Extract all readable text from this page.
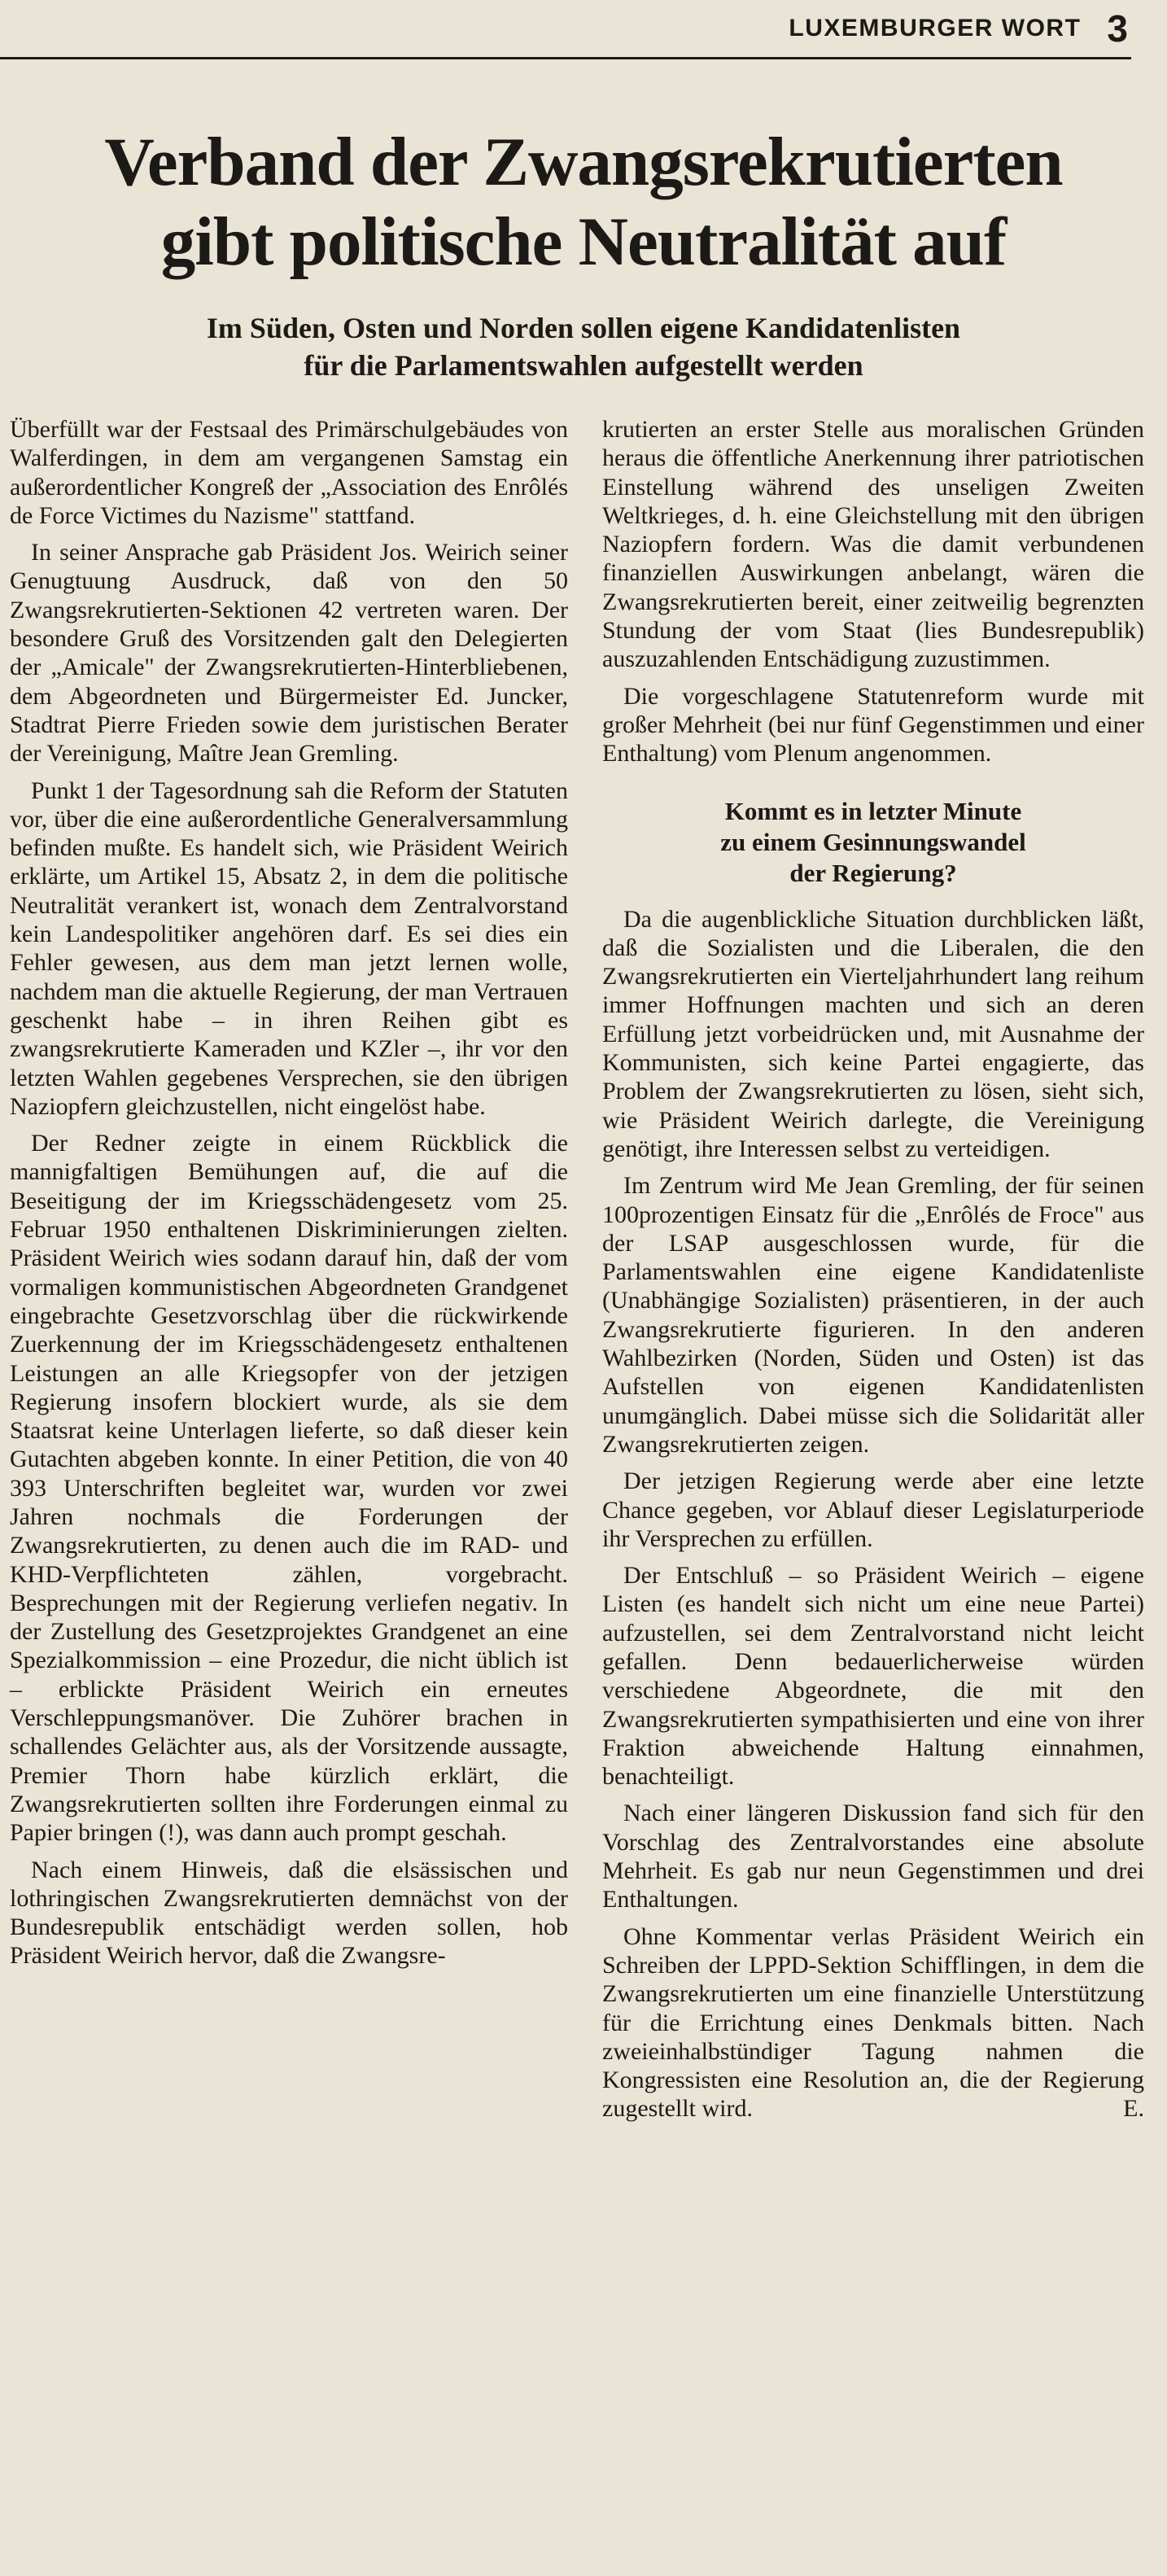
LUXEMBURGER WORT 3
Verband der Zwangsrekrutierten
gibt politische Neutralität auf
Im Süden, Osten und Norden sollen eigene Kandidatenlisten
für die Parlamentswahlen aufgestellt werden

Überfüllt war der Festsaal des Primärschulgebäudes von Walferdingen, in dem am vergangenen Samstag ein außerordentlicher Kongreß der „Association des Enrôlés de Force Victimes du Nazisme" stattfand.

In seiner Ansprache gab Präsident Jos. Weirich seiner Genugtuung Ausdruck, daß von den 50 Zwangsrekrutierten-Sektionen 42 vertreten waren. Der besondere Gruß des Vorsitzenden galt den Delegierten der „Amicale" der Zwangsrekrutierten-Hinterbliebenen, dem Abgeordneten und Bürgermeister Ed. Juncker, Stadtrat Pierre Frieden sowie dem juristischen Berater der Vereinigung, Maître Jean Gremling.

Punkt 1 der Tagesordnung sah die Reform der Statuten vor, über die eine außerordentliche Generalversammlung befinden mußte. Es handelt sich, wie Präsident Weirich erklärte, um Artikel 15, Absatz 2, in dem die politische Neutralität verankert ist, wonach dem Zentralvorstand kein Landespolitiker angehören darf. Es sei dies ein Fehler gewesen, aus dem man jetzt lernen wolle, nachdem man die aktuelle Regierung, der man Vertrauen geschenkt habe – in ihren Reihen gibt es zwangsrekrutierte Kameraden und KZler –, ihr vor den letzten Wahlen gegebenes Versprechen, sie den übrigen Naziopfern gleichzustellen, nicht eingelöst habe.

Der Redner zeigte in einem Rückblick die mannigfaltigen Bemühungen auf, die auf die Beseitigung der im Kriegsschädengesetz vom 25. Februar 1950 enthaltenen Diskriminierungen zielten. Präsident Weirich wies sodann darauf hin, daß der vom vormaligen kommunistischen Abgeordneten Grandgenet eingebrachte Gesetzvorschlag über die rückwirkende Zuerkennung der im Kriegsschädengesetz enthaltenen Leistungen an alle Kriegsopfer von der jetzigen Regierung insofern blockiert wurde, als sie dem Staatsrat keine Unterlagen lieferte, so daß dieser kein Gutachten abgeben konnte. In einer Petition, die von 40 393 Unterschriften begleitet war, wurden vor zwei Jahren nochmals die Forderungen der Zwangsrekrutierten, zu denen auch die im RAD- und KHD-Verpflichteten zählen, vorgebracht. Besprechungen mit der Regierung verliefen negativ. In der Zustellung des Gesetzprojektes Grandgenet an eine Spezialkommission – eine Prozedur, die nicht üblich ist – erblickte Präsident Weirich ein erneutes Verschleppungsmanöver. Die Zuhörer brachen in schallendes Gelächter aus, als der Vorsitzende aussagte, Premier Thorn habe kürzlich erklärt, die Zwangsrekrutierten sollten ihre Forderungen einmal zu Papier bringen (!), was dann auch prompt geschah.

Nach einem Hinweis, daß die elsässischen und lothringischen Zwangsrekrutierten demnächst von der Bundesrepublik entschädigt werden sollen, hob Präsident Weirich hervor, daß die Zwangsre-

krutierten an erster Stelle aus moralischen Gründen heraus die öffentliche Anerkennung ihrer patriotischen Einstellung während des unseligen Zweiten Weltkrieges, d. h. eine Gleichstellung mit den übrigen Naziopfern fordern. Was die damit verbundenen finanziellen Auswirkungen anbelangt, wären die Zwangsrekrutierten bereit, einer zeitweilig begrenzten Stundung der vom Staat (lies Bundesrepublik) auszuzahlenden Entschädigung zuzustimmen.

Die vorgeschlagene Statutenreform wurde mit großer Mehrheit (bei nur fünf Gegenstimmen und einer Enthaltung) vom Plenum angenommen.

Kommt es in letzter Minute
zu einem Gesinnungswandel
der Regierung?

Da die augenblickliche Situation durchblicken läßt, daß die Sozialisten und die Liberalen, die den Zwangsrekrutierten ein Vierteljahrhundert lang reihum immer Hoffnungen machten und sich an deren Erfüllung jetzt vorbeidrücken und, mit Ausnahme der Kommunisten, sich keine Partei engagierte, das Problem der Zwangsrekrutierten zu lösen, sieht sich, wie Präsident Weirich darlegte, die Vereinigung genötigt, ihre Interessen selbst zu verteidigen.

Im Zentrum wird Me Jean Gremling, der für seinen 100prozentigen Einsatz für die „Enrôlés de Froce" aus der LSAP ausgeschlossen wurde, für die Parlamentswahlen eine eigene Kandidatenliste (Unabhängige Sozialisten) präsentieren, in der auch Zwangsrekrutierte figurieren. In den anderen Wahlbezirken (Norden, Süden und Osten) ist das Aufstellen von eigenen Kandidatenlisten unumgänglich. Dabei müsse sich die Solidarität aller Zwangsrekrutierten zeigen.

Der jetzigen Regierung werde aber eine letzte Chance gegeben, vor Ablauf dieser Legislaturperiode ihr Versprechen zu erfüllen.

Der Entschluß – so Präsident Weirich – eigene Listen (es handelt sich nicht um eine neue Partei) aufzustellen, sei dem Zentralvorstand nicht leicht gefallen. Denn bedauerlicherweise würden verschiedene Abgeordnete, die mit den Zwangsrekrutierten sympathisierten und eine von ihrer Fraktion abweichende Haltung einnahmen, benachteiligt.

Nach einer längeren Diskussion fand sich für den Vorschlag des Zentralvorstandes eine absolute Mehrheit. Es gab nur neun Gegenstimmen und drei Enthaltungen.

Ohne Kommentar verlas Präsident Weirich ein Schreiben der LPPD-Sektion Schifflingen, in dem die Zwangsrekrutierten um eine finanzielle Unterstützung für die Errichtung eines Denkmals bitten. Nach zweieinhalbstündiger Tagung nahmen die Kongressisten eine Resolution an, die der Regierung zugestellt wird.	E.
